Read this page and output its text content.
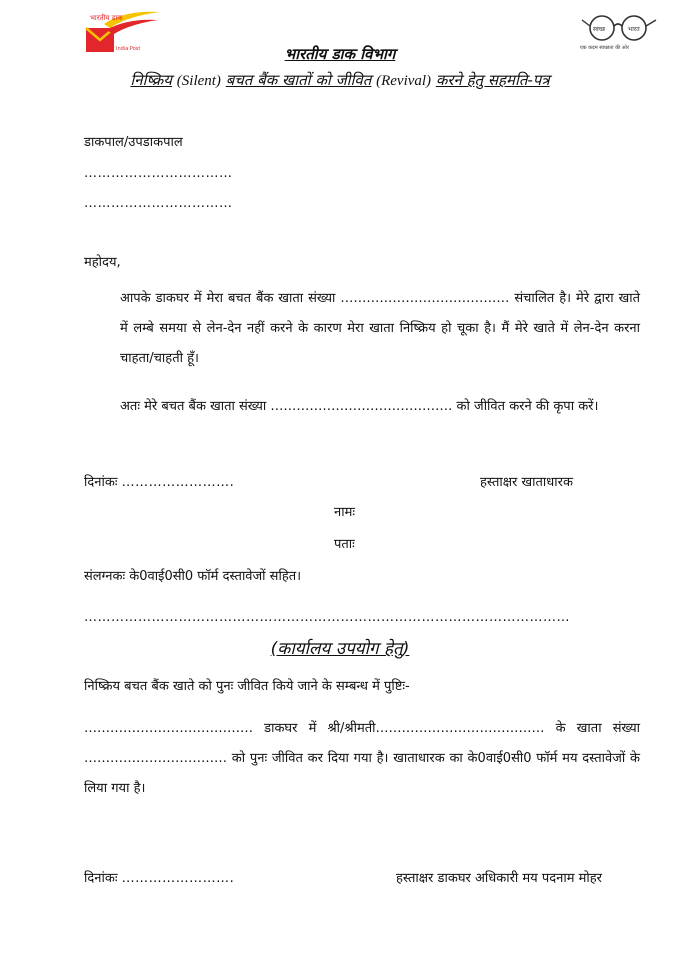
भारतीय डाक
India Post
स्वच्छ	भारत
एक कदम स्वच्छता की ओर
भारतीय डाक विभाग
निष्क्रिय (Silent) बचत बैंक खातों को जीवित (Revival) करने हेतु सहमति-पत्र
डाकपाल/उपडाकपाल
……………………………
……………………………
महोदय,
आपके डाकघर में मेरा बचत बैंक खाता संख्या ………………………………… संचालित है। मेरे द्वारा खाते में लम्बे समया से लेन-देन नहीं करने के कारण मेरा खाता निष्क्रिय हो चूका है। मैं मेरे खाते में लेन-देन करना चाहता/चाहती हूँ।
अतः मेरे बचत बैंक खाता संख्या …………………………………… को जीवित करने की कृपा करें।
दिनांकः …………………….	हस्ताक्षर खाताधारक
नामः
पताः
संलग्नकः के0वाई0सी0 फॉर्म दस्तावेजों सहित।
………………………………………………………………………………………………
(कार्यालय उपयोग हेतु)
निष्क्रिय बचत बैंक खाते को पुनः जीवित किये जाने के सम्बन्ध में पुष्टिः-
………………………………… डाकघर में श्री/श्रीमती………………………………… के खाता संख्या …………………………… को पुनः जीवित कर दिया गया है। खाताधारक का के0वाई0सी0 फॉर्म मय दस्तावेजों के लिया गया है।
दिनांकः …………………….	हस्ताक्षर डाकघर अधिकारी मय पदनाम मोहर
